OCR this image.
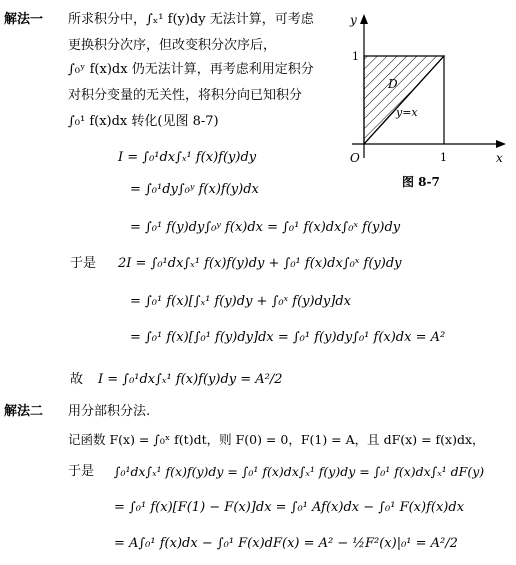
解法一 所求积分中，∫ₓ¹ f(y)dy 无法计算，可考虑
更换积分次序，但改变积分次序后，
∫₀ʸ f(x)dx 仍无法计算，再考虑利用定积分
对积分变量的无关性，将积分向已知积分
∫₀¹ f(x)dx 转化(见图 8-7)
I = ∫₀¹dx∫ₓ¹ f(x)f(y)dy
= ∫₀¹dy∫₀ʸ f(x)f(y)dx
= ∫₀¹ f(y)dy∫₀ʸ f(x)dx = ∫₀¹ f(x)dx∫₀ˣ f(y)dy
于是 2I = ∫₀¹dx∫ₓ¹ f(x)f(y)dy + ∫₀¹ f(x)dx∫₀ˣ f(y)dy
= ∫₀¹ f(x)[∫ₓ¹ f(y)dy + ∫₀ˣ f(y)dy]dx
= ∫₀¹ f(x)[∫₀¹ f(y)dy]dx = ∫₀¹ f(y)dy∫₀¹ f(x)dx = A²
故 I = ∫₀¹dx∫ₓ¹ f(x)f(y)dy = A²/2
解法二 用分部积分法.
记函数 F(x) = ∫₀ˣ f(t)dt，则 F(0) = 0，F(1) = A，且 dF(x) = f(x)dx，
于是 ∫₀¹dx∫ₓ¹ f(x)f(y)dy = ∫₀¹ f(x)dx∫ₓ¹ f(y)dy = ∫₀¹ f(x)dx∫ₓ¹ dF(y)
= ∫₀¹ f(x)[F(1) − F(x)]dx = ∫₀¹ Af(x)dx − ∫₀¹ F(x)f(x)dx
= A∫₀¹ f(x)dx − ∫₀¹ F(x)dF(x) = A² − ½F²(x)|₀¹ = A²/2
y
x
O	1
1
D
y=x
图 8-7
